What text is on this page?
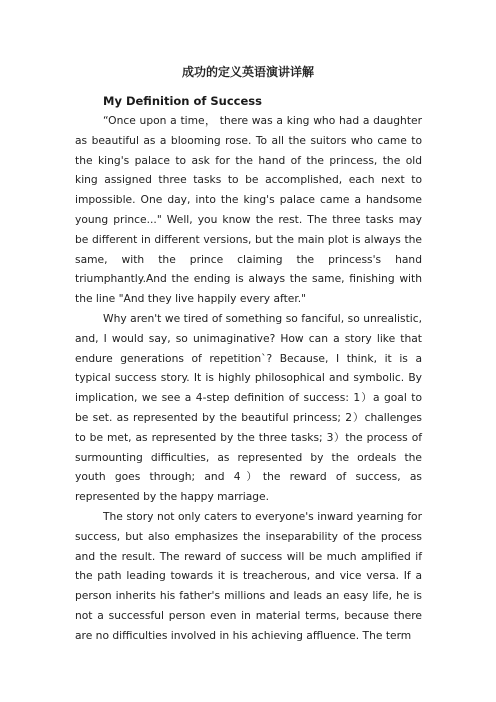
成功的定义英语演讲详解
My Definition of Success

“Once upon a time， there was a king who had a daughter as beautiful as a blooming rose. To all the suitors who came to the king's palace to ask for the hand of the princess, the old king assigned three tasks to be accomplished, each next to impossible. One day, into the king's palace came a handsome young prince..." Well, you know the rest. The three tasks may be different in different versions, but the main plot is always the same, with the prince claiming the princess's hand triumphantly.And the ending is always the same, finishing with the line "And they live happily every after."

Why aren't we tired of something so fanciful, so unrealistic, and, I would say, so unimaginative? How can a story like that endure generations of repetition`? Because, I think, it is a typical success story. It is highly philosophical and symbolic. By implication, we see a 4-step definition of success: 1）a goal to be set. as represented by the beautiful princess; 2）challenges to be met, as represented by the three tasks; 3）the process of surmounting difficulties, as represented by the ordeals the youth goes through; and 4）the reward of success, as represented by the happy marriage.

The story not only caters to everyone's inward yearning for success, but also emphasizes the inseparability of the process and the result. The reward of success will be much amplified if the path leading towards it is treacherous, and vice versa. If a person inherits his father's millions and leads an easy life, he is not a successful person even in material terms, because there are no difficulties involved in his achieving affluence. The term
